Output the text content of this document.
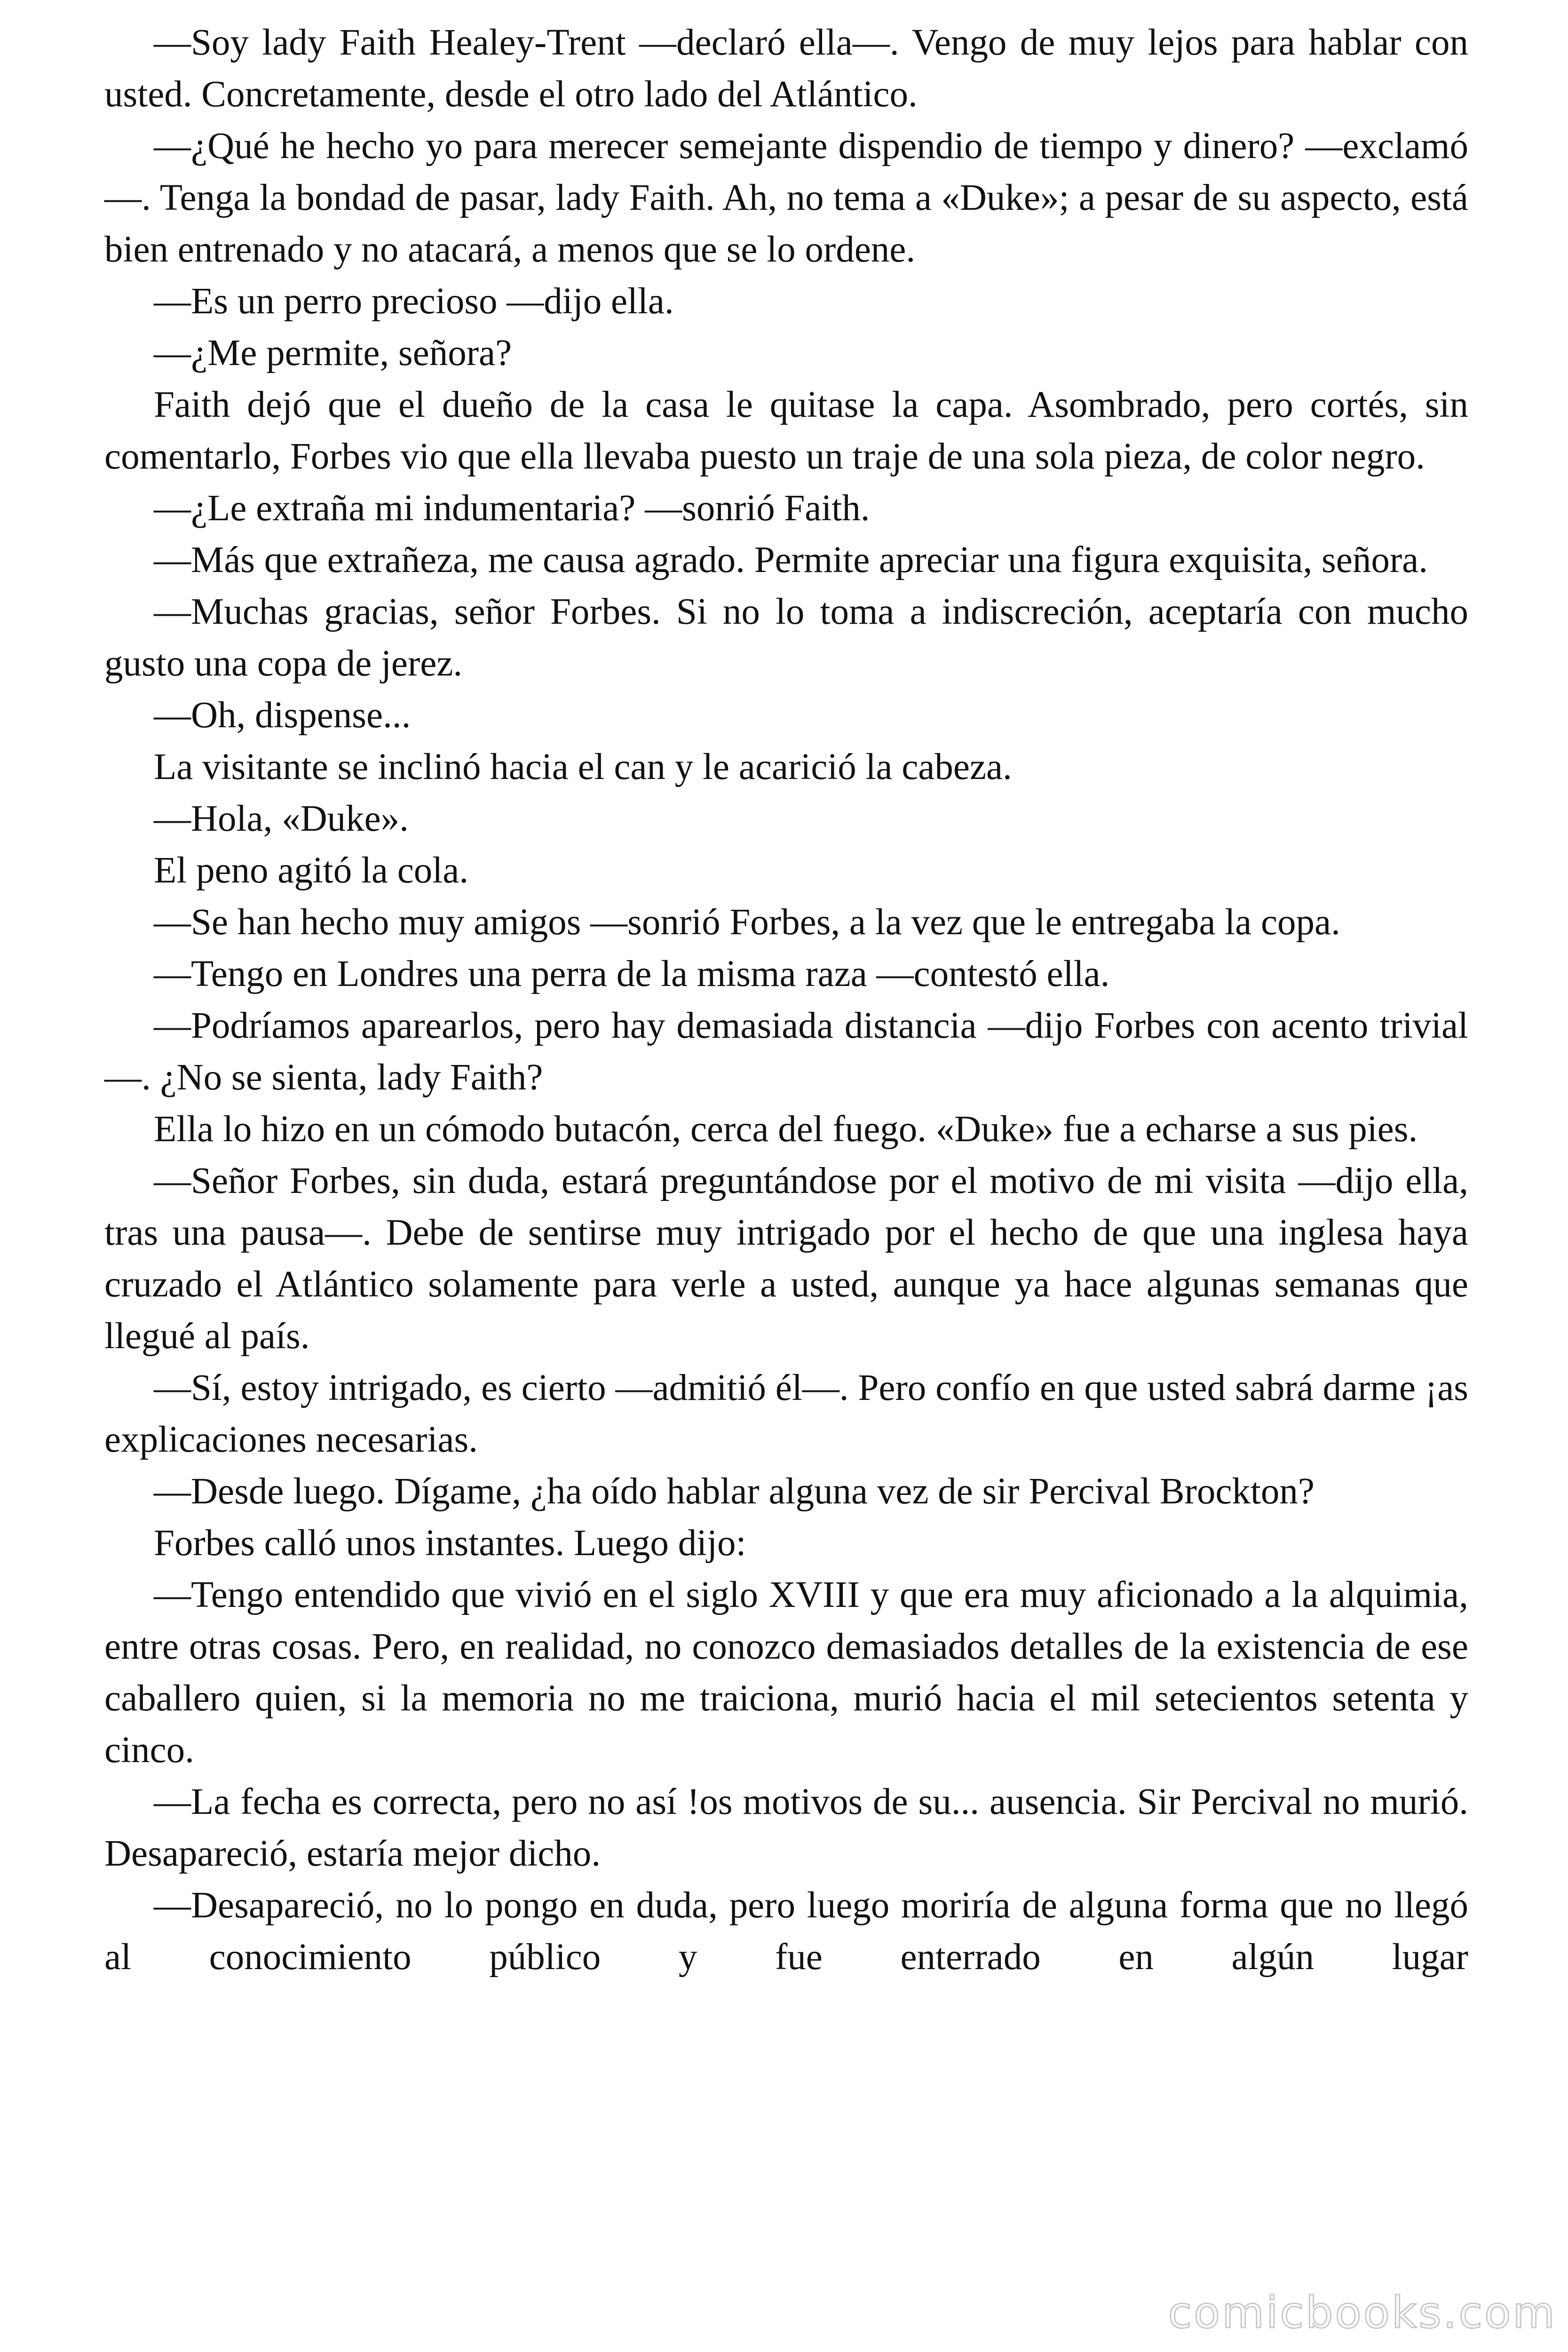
—Soy lady Faith Healey-Trent —declaró ella—. Vengo de muy lejos para hablar con usted. Concretamente, desde el otro lado del Atlántico.

—¿Qué he hecho yo para merecer semejante dispendio de tiempo y dinero? —exclamó—. Tenga la bondad de pasar, lady Faith. Ah, no tema a «Duke»; a pesar de su aspecto, está bien entrenado y no atacará, a menos que se lo ordene.

—Es un perro precioso —dijo ella.

—¿Me permite, señora?

Faith dejó que el dueño de la casa le quitase la capa. Asombrado, pero cortés, sin comentarlo, Forbes vio que ella llevaba puesto un traje de una sola pieza, de color negro.

—¿Le extraña mi indumentaria? —sonrió Faith.

—Más que extrañeza, me causa agrado. Permite apreciar una figura exquisita, señora.

—Muchas gracias, señor Forbes. Si no lo toma a indiscreción, aceptaría con mucho gusto una copa de jerez.

—Oh, dispense...

La visitante se inclinó hacia el can y le acarició la cabeza.

—Hola, «Duke».

El peno agitó la cola.

—Se han hecho muy amigos —sonrió Forbes, a la vez que le entregaba la copa.

—Tengo en Londres una perra de la misma raza —contestó ella.

—Podríamos aparearlos, pero hay demasiada distancia —dijo Forbes con acento trivial—. ¿No se sienta, lady Faith?

Ella lo hizo en un cómodo butacón, cerca del fuego. «Duke» fue a echarse a sus pies.

—Señor Forbes, sin duda, estará preguntándose por el motivo de mi visita —dijo ella, tras una pausa—. Debe de sentirse muy intrigado por el hecho de que una inglesa haya cruzado el Atlántico solamente para verle a usted, aunque ya hace algunas semanas que llegué al país.

—Sí, estoy intrigado, es cierto —admitió él—. Pero confío en que usted sabrá darme ¡as explicaciones necesarias.

—Desde luego. Dígame, ¿ha oído hablar alguna vez de sir Percival Brockton?

Forbes calló unos instantes. Luego dijo:

—Tengo entendido que vivió en el siglo XVIII y que era muy aficionado a la alquimia, entre otras cosas. Pero, en realidad, no conozco demasiados detalles de la existencia de ese caballero quien, si la memoria no me traiciona, murió hacia el mil setecientos setenta y cinco.

—La fecha es correcta, pero no así !os motivos de su... ausencia. Sir Percival no murió. Desapareció, estaría mejor dicho.

—Desapareció, no lo pongo en duda, pero luego moriría de alguna forma que no llegó al conocimiento público y fue enterrado en algún lugar

comicbooks.com
